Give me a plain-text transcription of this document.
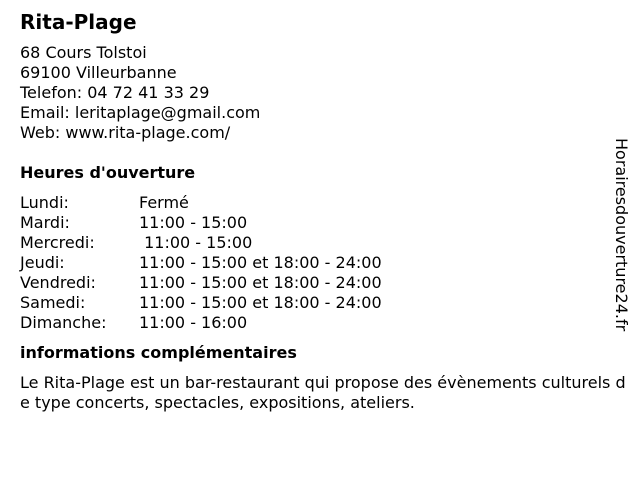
Rita-Plage
68 Cours Tolstoi
69100 Villeurbanne
Telefon: 04 72 41 33 29
Email: leritaplage@gmail.com
Web: www.rita-plage.com/
Heures d'ouverture
Lundi:	Fermé
Mardi:	11:00 - 15:00
Mercredi:	11:00 - 15:00
Jeudi:	11:00 - 15:00 et 18:00 - 24:00
Vendredi:	11:00 - 15:00 et 18:00 - 24:00
Samedi:	11:00 - 15:00 et 18:00 - 24:00
Dimanche:	11:00 - 16:00
informations complémentaires
Le Rita-Plage est un bar-restaurant qui propose des évènements culturels de type concerts, spectacles, expositions, ateliers.
Horairesdouverture24.fr
